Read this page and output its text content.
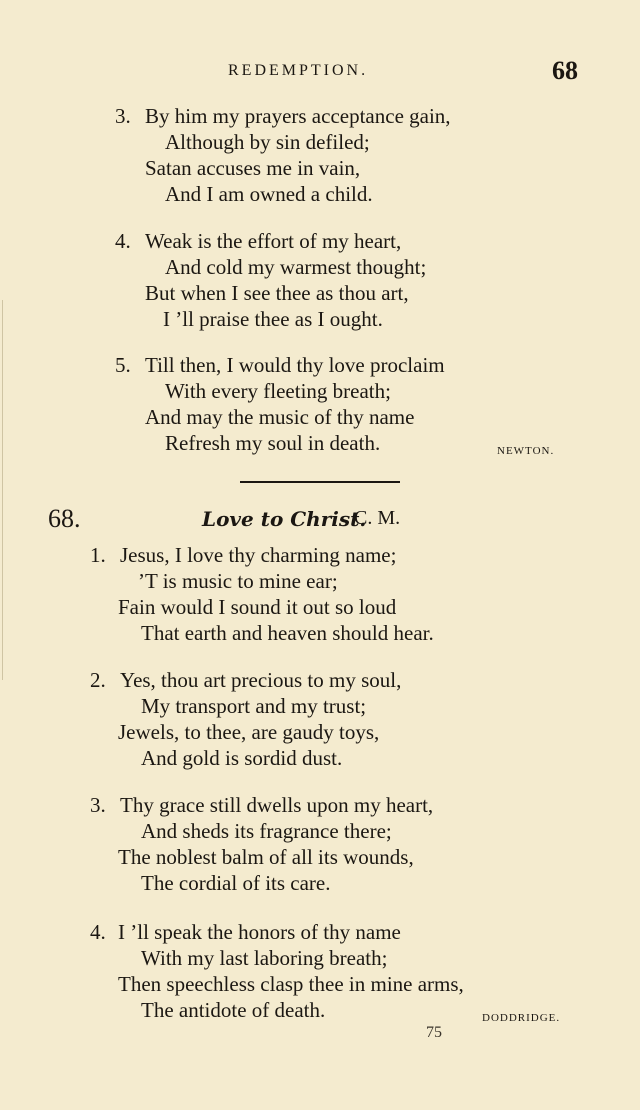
REDEMPTION.	68
3. By him my prayers acceptance gain,
Although by sin defiled;
Satan accuses me in vain,
And I am owned a child.
4. Weak is the effort of my heart,
And cold my warmest thought;
But when I see thee as thou art,
I ’ll praise thee as I ought.
5. Till then, I would thy love proclaim
With every fleeting breath;
And may the music of thy name
Refresh my soul in death.	NEWTON.
68.	Love to Christ.
C. M.
1. Jesus, I love thy charming name;
’T is music to mine ear;
Fain would I sound it out so loud
That earth and heaven should hear.
2. Yes, thou art precious to my soul,
My transport and my trust;
Jewels, to thee, are gaudy toys,
And gold is sordid dust.
3. Thy grace still dwells upon my heart,
And sheds its fragrance there;
The noblest balm of all its wounds,
The cordial of its care.
4. I ’ll speak the honors of thy name
With my last laboring breath;
Then speechless clasp thee in mine arms,
The antidote of death.	DODDRIDGE.
75
